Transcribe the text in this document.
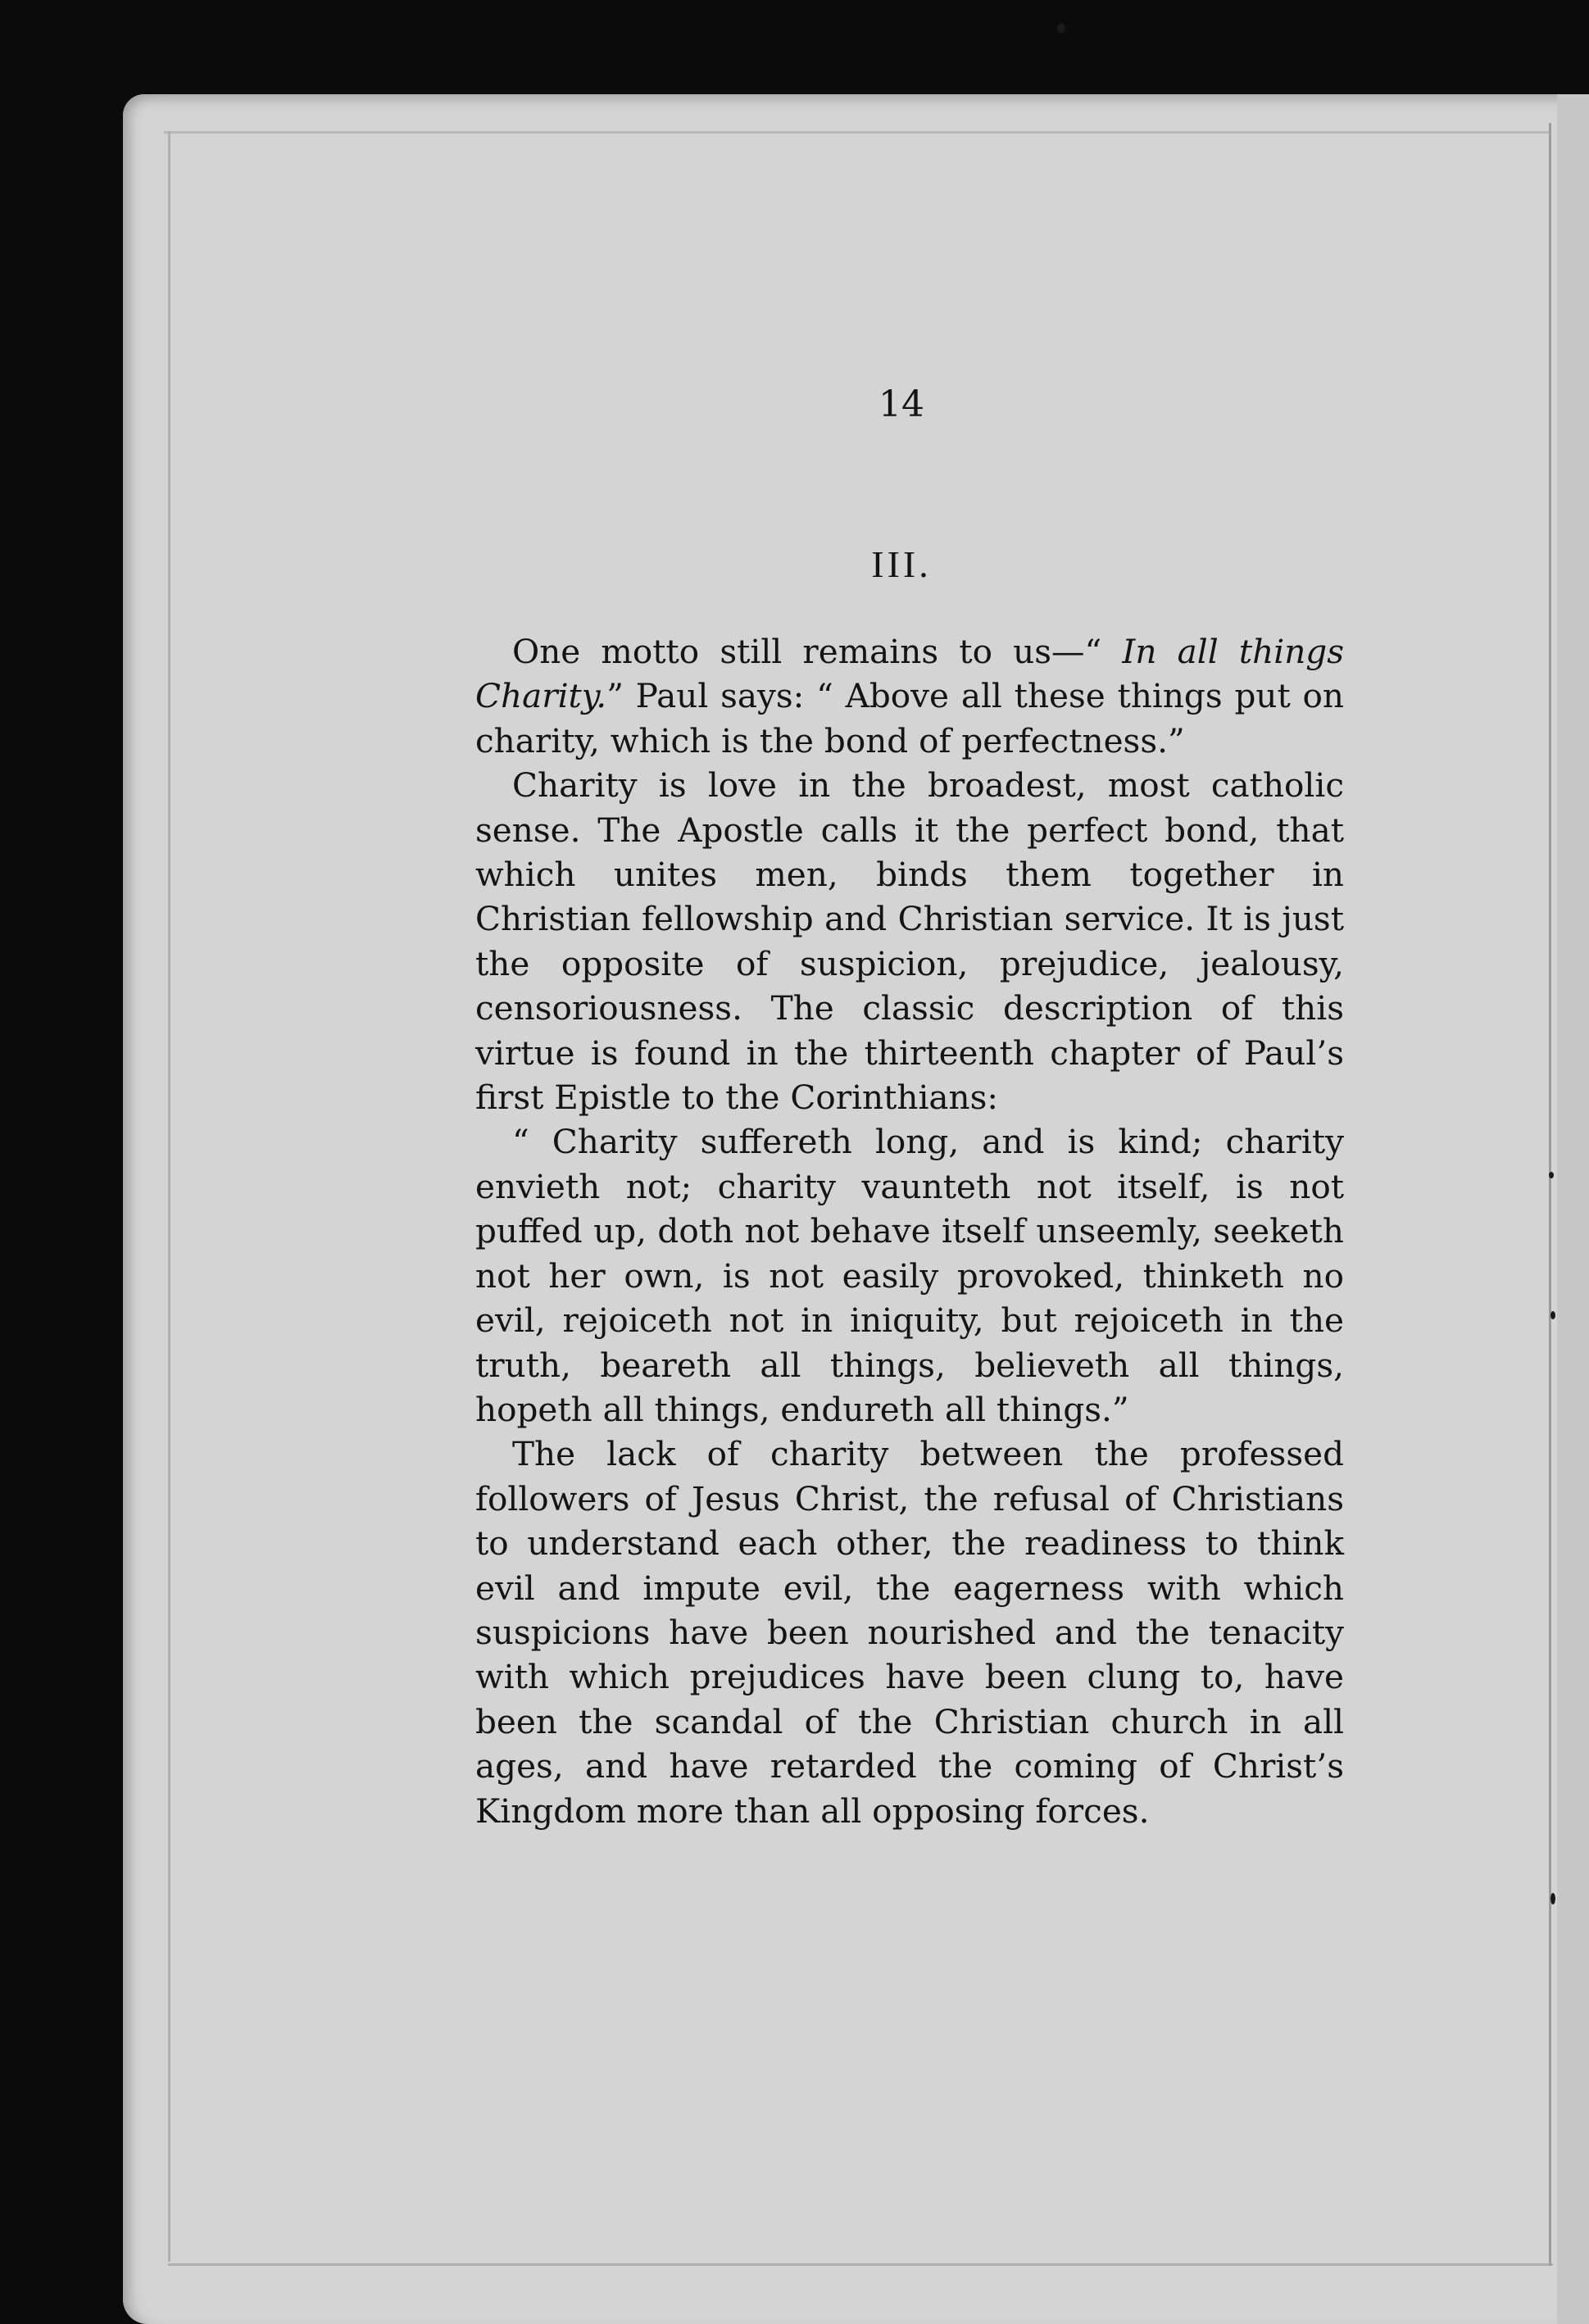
14
III.

One motto still remains to us—“ In all things Charity.” Paul says: “ Above all these things put on charity, which is the bond of perfectness.”

Charity is love in the broadest, most catholic sense. The Apostle calls it the perfect bond, that which unites men, binds them together in Christian fellowship and Christian service. It is just the opposite of suspicion, prejudice, jealousy, censoriousness. The classic description of this virtue is found in the thirteenth chapter of Paul’s first Epistle to the Corinthians:

“ Charity suffereth long, and is kind; charity envieth not; charity vaunteth not itself, is not puffed up, doth not behave itself unseemly, seeketh not her own, is not easily provoked, thinketh no evil, rejoiceth not in iniquity, but rejoiceth in the truth, beareth all things, believeth all things, hopeth all things, endureth all things.”

The lack of charity between the professed followers of Jesus Christ, the refusal of Christians to understand each other, the readiness to think evil and impute evil, the eagerness with which suspicions have been nourished and the tenacity with which prejudices have been clung to, have been the scandal of the Christian church in all ages, and have retarded the coming of Christ’s Kingdom more than all opposing forces.
